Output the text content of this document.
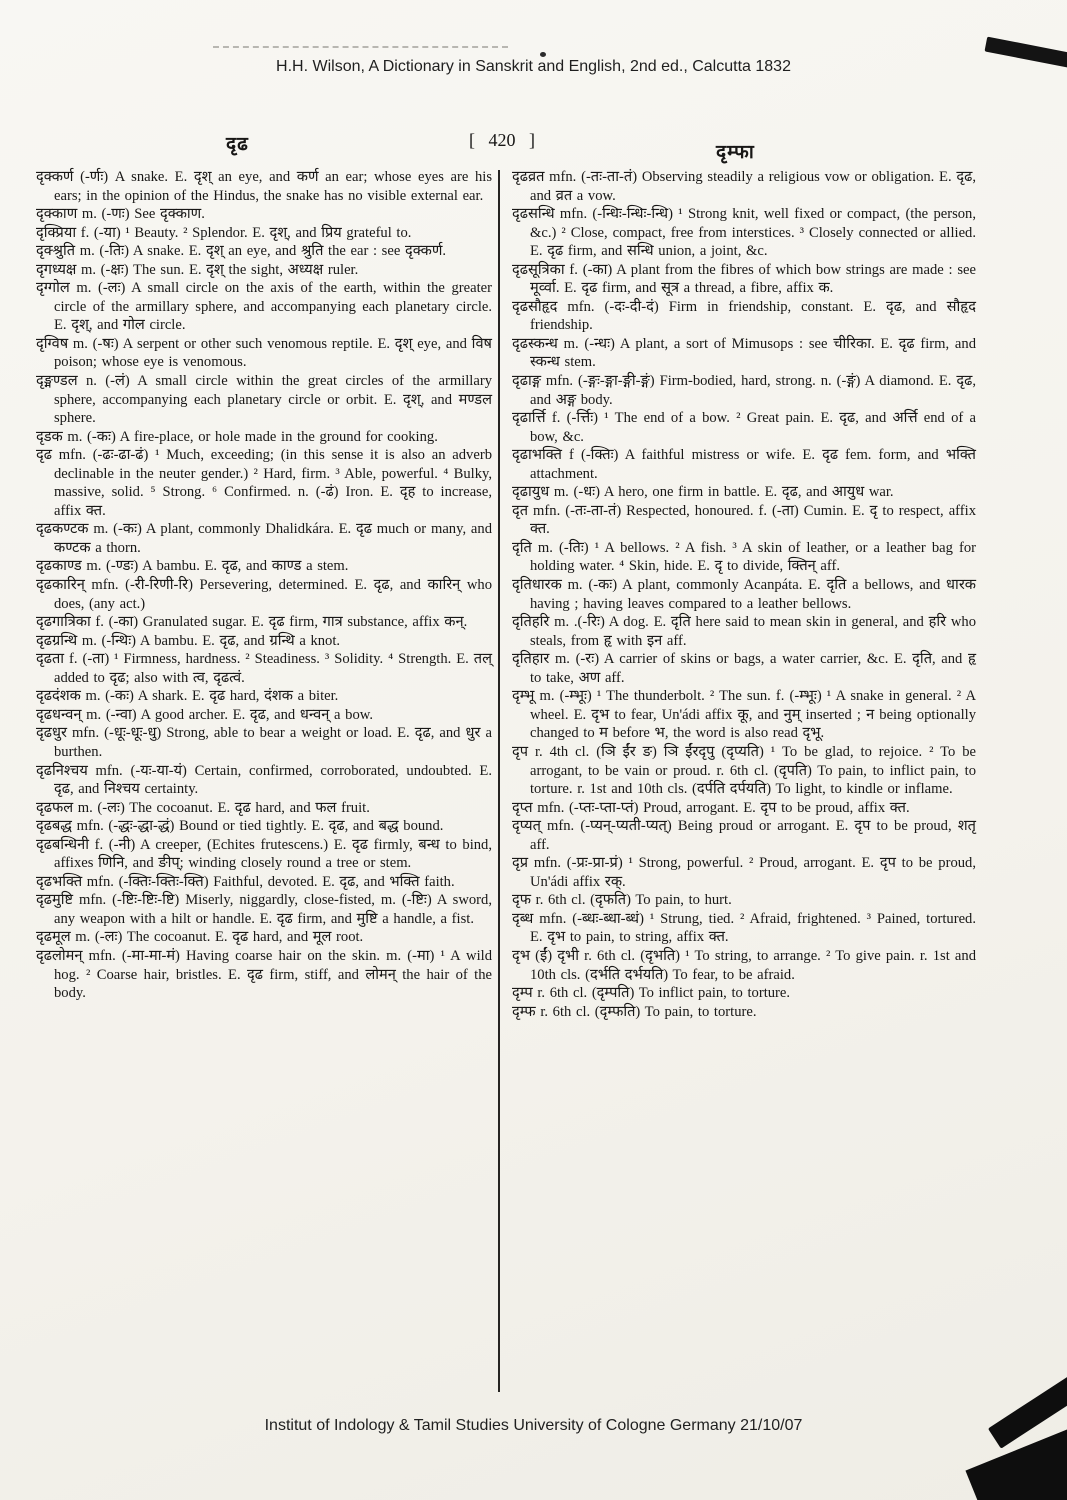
H.H. Wilson, A Dictionary in Sanskrit and English, 2nd ed., Calcutta 1832
दृढ	[   420   ]
दृम्फा

दृक्कर्ण (-र्णः) A snake. E. दृश् an eye, and कर्ण an ear; whose eyes are his ears; in the opinion of the Hindus, the snake has no visible external ear.

दृक्काण m. (-णः) See दृक्काण.

दृक्प्रिया f. (-या) ¹ Beauty. ² Splendor. E. दृश्, and प्रिय grateful to.

दृक्श्रुति m. (-तिः) A snake. E. दृश् an eye, and श्रुति the ear : see दृक्कर्ण.

दृगध्यक्ष m. (-क्षः) The sun. E. दृश् the sight, अध्यक्ष ruler.

दृग्गोल m. (-लः) A small circle on the axis of the earth, within the greater circle of the armillary sphere, and accompanying each planetary circle. E. दृश्, and गोल circle.

दृग्विष m. (-षः) A serpent or other such venomous reptile. E. दृश् eye, and विष poison; whose eye is venomous.

दृङ्मण्डल n. (-लं) A small circle within the great circles of the armillary sphere, accompanying each planetary circle or orbit. E. दृश्, and मण्डल sphere.

दृडक m. (-कः) A fire-place, or hole made in the ground for cooking.

दृढ mfn. (-ढः-ढा-ढं) ¹ Much, exceeding; (in this sense it is also an adverb declinable in the neuter gender.) ² Hard, firm. ³ Able, powerful. ⁴ Bulky, massive, solid. ⁵ Strong. ⁶ Confirmed. n. (-ढं) Iron. E. दृह to increase, affix क्त.

दृढकण्टक m. (-कः) A plant, commonly Dhalidkára. E. दृढ much or many, and कण्टक a thorn.

दृढकाण्ड m. (-ण्डः) A bambu. E. दृढ, and काण्ड a stem.

दृढकारिन् mfn. (-री-रिणी-रि) Persevering, determined. E. दृढ, and कारिन् who does, (any act.)

दृढगात्रिका f. (-का) Granulated sugar. E. दृढ firm, गात्र substance, affix कन्.

दृढग्रन्थि m. (-न्थिः) A bambu. E. दृढ, and ग्रन्थि a knot.

दृढता f. (-ता) ¹ Firmness, hardness. ² Steadiness. ³ Solidity. ⁴ Strength. E. तल् added to दृढ; also with त्व, दृढत्वं.

दृढदंशक m. (-कः) A shark. E. दृढ hard, दंशक a biter.

दृढधन्वन् m. (-न्वा) A good archer. E. दृढ, and धन्वन् a bow.

दृढधुर mfn. (-धूः-धूः-धु) Strong, able to bear a weight or load. E. दृढ, and धुर a burthen.

दृढनिश्चय mfn. (-यः-या-यं) Certain, confirmed, corroborated, undoubted. E. दृढ, and निश्चय certainty.

दृढफल m. (-लः) The cocoanut. E. दृढ hard, and फल fruit.

दृढबद्ध mfn. (-द्धः-द्धा-द्धं) Bound or tied tightly. E. दृढ, and बद्ध bound.

दृढबन्धिनी f. (-नी) A creeper, (Echites frutescens.) E. दृढ firmly, बन्ध to bind, affixes णिनि, and ङीप्; winding closely round a tree or stem.

दृढभक्ति mfn. (-क्तिः-क्तिः-क्ति) Faithful, devoted. E. दृढ, and भक्ति faith.

दृढमुष्टि mfn. (-ष्टिः-ष्टिः-ष्टि) Miserly, niggardly, close-fisted, m. (-ष्टिः) A sword, any weapon with a hilt or handle. E. दृढ firm, and मुष्टि a handle, a fist.

दृढमूल m. (-लः) The cocoanut. E. दृढ hard, and मूल root.

दृढलोमन् mfn. (-मा-मा-मं) Having coarse hair on the skin. m. (-मा) ¹ A wild hog. ² Coarse hair, bristles. E. दृढ firm, stiff, and लोमन् the hair of the body.

दृढव्रत mfn. (-तः-ता-तं) Observing steadily a religious vow or obligation. E. दृढ, and व्रत a vow.

दृढसन्धि mfn. (-न्धिः-न्धिः-न्धि) ¹ Strong knit, well fixed or compact, (the person, &c.) ² Close, compact, free from interstices. ³ Closely connected or allied. E. दृढ firm, and सन्धि union, a joint, &c.

दृढसूत्रिका f. (-का) A plant from the fibres of which bow strings are made : see मूर्व्वा. E. दृढ firm, and सूत्र a thread, a fibre, affix क.

दृढसौहृद mfn. (-दः-दी-दं) Firm in friendship, constant. E. दृढ, and सौहृद friendship.

दृढस्कन्ध m. (-न्धः) A plant, a sort of Mimusops : see चीरिका. E. दृढ firm, and स्कन्ध stem.

दृढाङ्ग mfn. (-ङ्गः-ङ्गा-ङ्गी-ङ्गं) Firm-bodied, hard, strong. n. (-ङ्गं) A diamond. E. दृढ, and अङ्ग body.

दृढार्त्ति f. (-र्त्तिः) ¹ The end of a bow. ² Great pain. E. दृढ, and अर्त्ति end of a bow, &c.

दृढाभक्ति f (-क्तिः) A faithful mistress or wife. E. दृढ fem. form, and भक्ति attachment.

दृढायुध m. (-धः) A hero, one firm in battle. E. दृढ, and आयुध war.

दृत mfn. (-तः-ता-तं) Respected, honoured. f. (-ता) Cumin. E. दृ to respect, affix क्त.

दृति m. (-तिः) ¹ A bellows. ² A fish. ³ A skin of leather, or a leather bag for holding water. ⁴ Skin, hide. E. दृ to divide, क्तिन् aff.

दृतिधारक m. (-कः) A plant, commonly Acanpáta. E. दृति a bellows, and धारक having ; having leaves compared to a leather bellows.

दृतिहरि m. .(-रिः) A dog. E. दृति here said to mean skin in general, and हरि who steals, from हृ with इन aff.

दृतिहार m. (-रः) A carrier of skins or bags, a water carrier, &c. E. दृति, and हृ to take, अण aff.

दृम्भू m. (-म्भूः) ¹ The thunderbolt. ² The sun. f. (-म्भूः) ¹ A snake in general. ² A wheel. E. दृभ to fear, Un'ádi affix कू, and नुम् inserted ; न being optionally changed to म before भ, the word is also read दृभू.

दृप r. 4th cl. (ञि ईंर ङ) ञि ईंरदृपु (दृप्यति) ¹ To be glad, to rejoice. ² To be arrogant, to be vain or proud. r. 6th cl. (दृपति) To pain, to inflict pain, to torture. r. 1st and 10th cls. (दर्पति दर्पयति) To light, to kindle or inflame.

दृप्त mfn. (-प्तः-प्ता-प्तं) Proud, arrogant. E. दृप to be proud, affix क्त.

दृप्यत् mfn. (-प्यन्-प्यती-प्यत्) Being proud or arrogant. E. दृप to be proud, शतृ aff.

दृप्र mfn. (-प्रः-प्रा-प्रं) ¹ Strong, powerful. ² Proud, arrogant. E. दृप to be proud, Un'ádi affix रक्.

दृफ r. 6th cl. (दृफति) To pain, to hurt.

दृब्ध mfn. (-ब्धः-ब्धा-ब्धं) ¹ Strung, tied. ² Afraid, frightened. ³ Pained, tortured. E. दृभ to pain, to string, affix क्त.

दृभ (ईं) दृभी r. 6th cl. (दृभति) ¹ To string, to arrange. ² To give pain. r. 1st and 10th cls. (दर्भति दर्भयति) To fear, to be afraid.

दृम्प r. 6th cl. (दृम्पति) To inflict pain, to torture.

दृम्फ r. 6th cl. (दृम्फति) To pain, to torture.

Institut of Indology & Tamil Studies University of Cologne Germany 21/10/07
